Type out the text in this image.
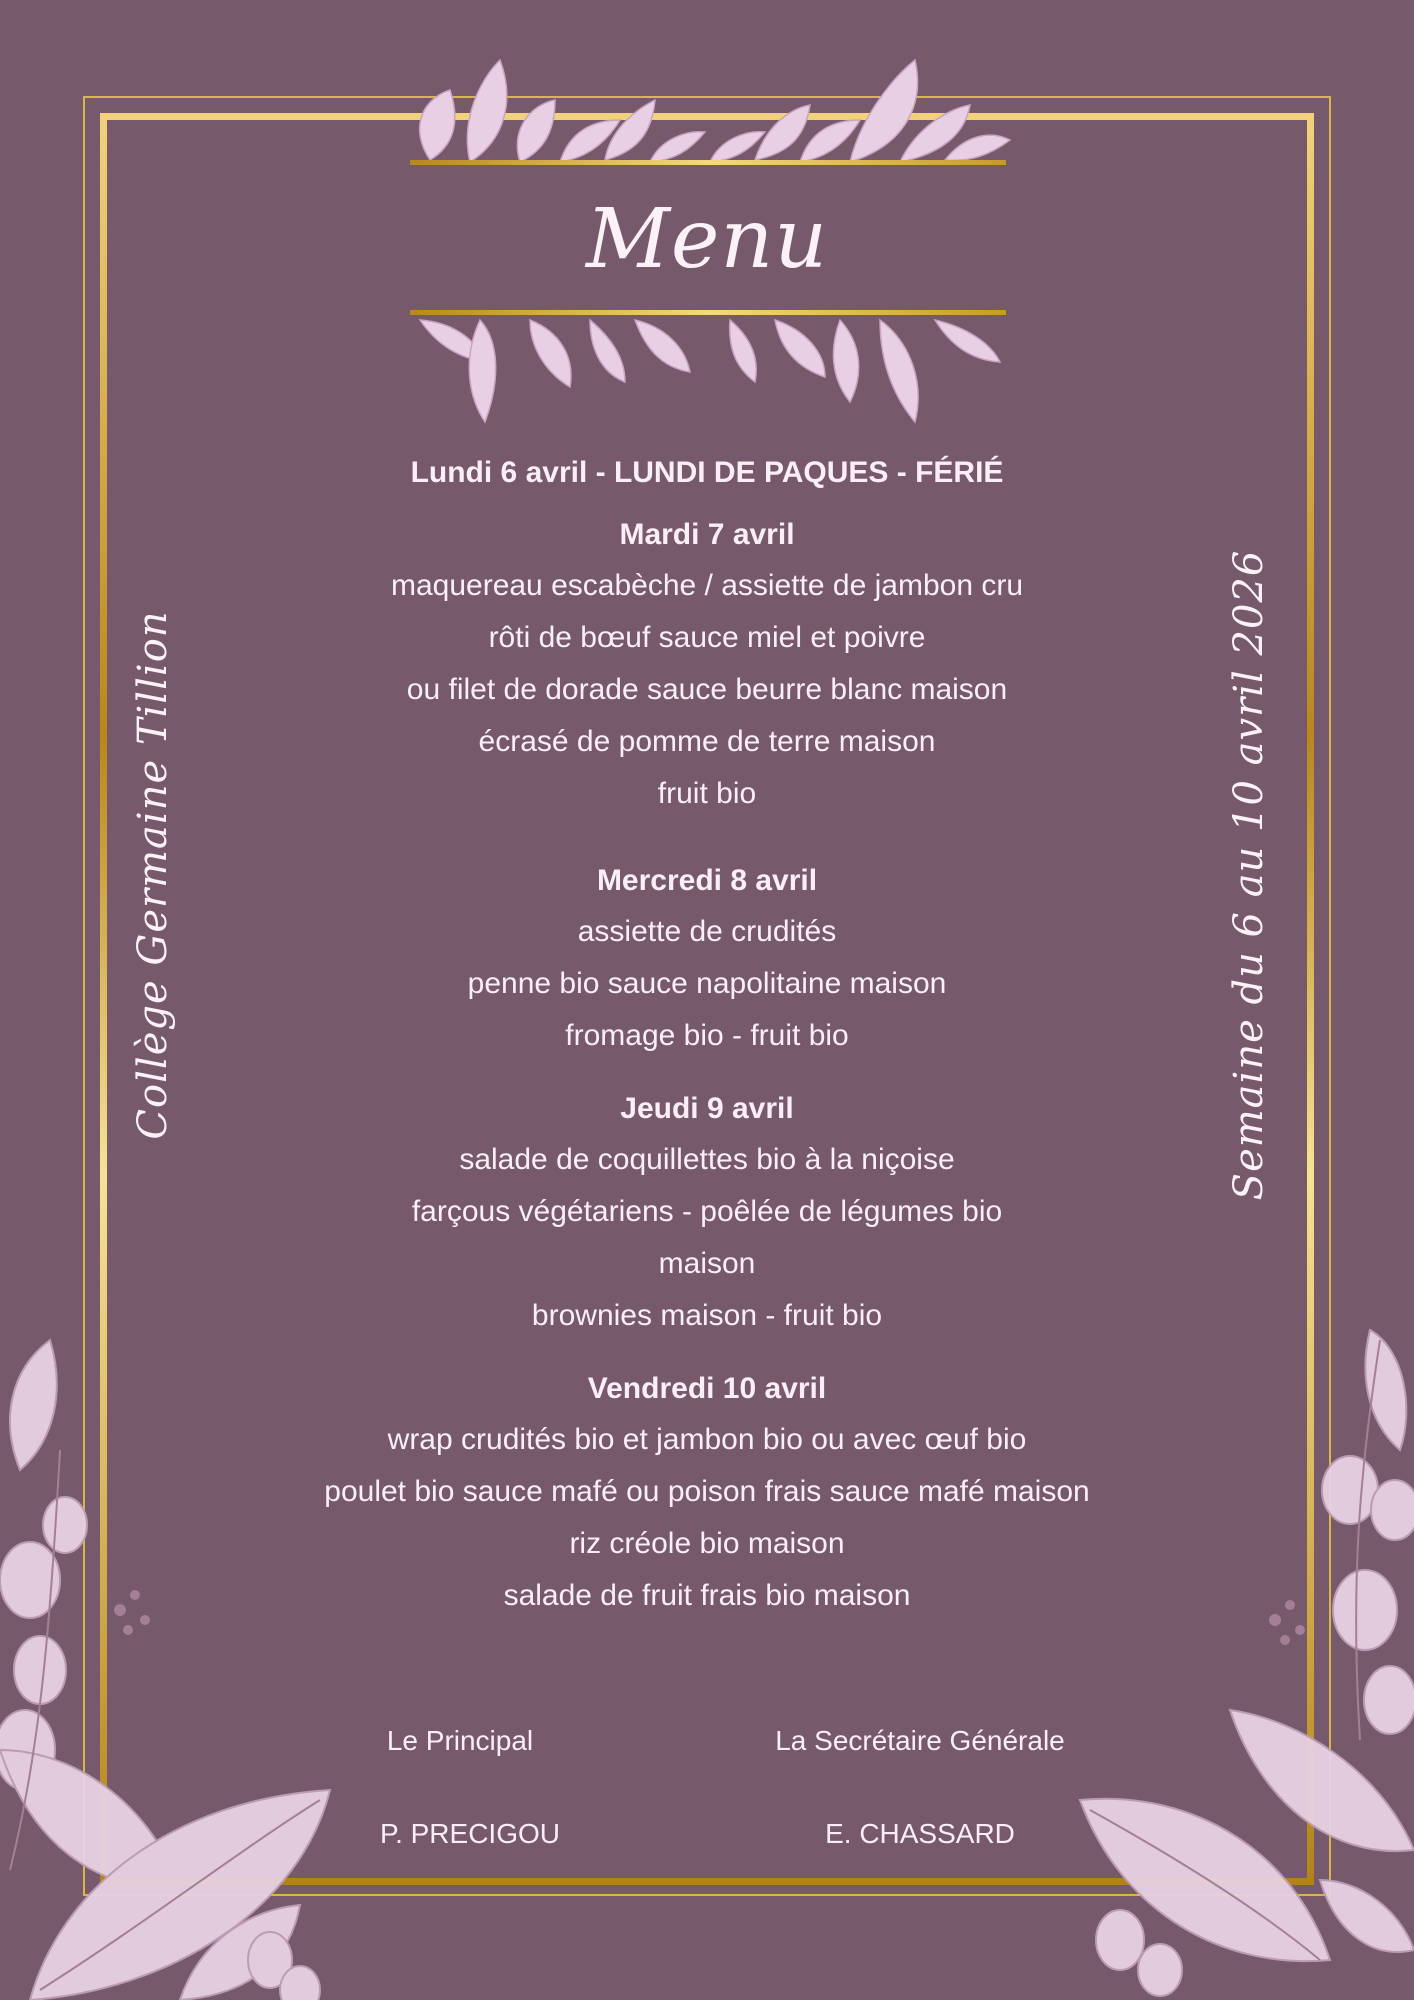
Menu
Collège Germaine Tillion	Semaine du 6 au 10 avril 2026
Lundi 6 avril - LUNDI DE PAQUES - FÉRIÉ
Mardi 7 avril
maquereau escabèche / assiette de jambon cru
rôti de bœuf sauce miel et poivre
ou filet de dorade sauce beurre blanc maison
écrasé de pomme de terre maison
fruit bio
Mercredi 8 avril
assiette de crudités
penne bio sauce napolitaine maison
fromage bio - fruit bio
Jeudi 9 avril
salade de coquillettes bio à la niçoise
farçous végétariens - poêlée de légumes bio
maison
brownies maison - fruit bio
Vendredi 10 avril
wrap crudités bio et jambon bio ou avec œuf bio
poulet bio sauce mafé ou poison frais sauce mafé maison
riz créole bio maison
salade de fruit frais bio maison
Le Principal
P. PRECIGOU
La Secrétaire Générale
E. CHASSARD
